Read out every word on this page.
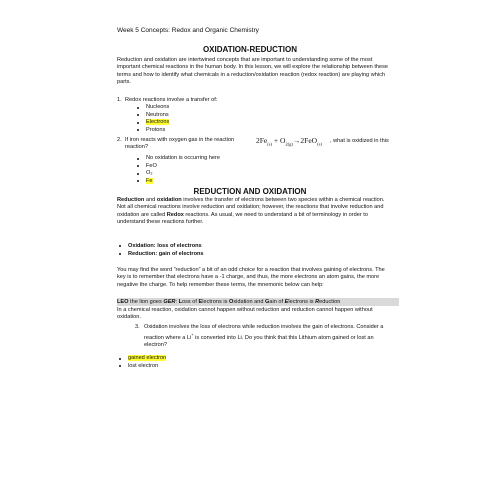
Week 5 Concepts: Redox and Organic Chemistry
OXIDATION-REDUCTION
Reduction and oxidation are intertwined concepts that are important to understanding some of the most important chemical reactions in the human body. In this lesson, we will explore the relationship between these terms and how to identify what chemicals in a reduction/oxidation reaction (redox reaction) are playing which parts.
1. Redox reactions involve a transfer of:
Nucleons
Neutrons
Electrons
Protons
2. If iron reacts with oxygen gas in the reaction
reaction?
$2Fe_{(s)} + O_{2(g)}\to 2FeO_{(s)}$ , what is oxidized in this
No oxidation is occurring here
FeO
O₂
Fe
REDUCTION AND OXIDATION
Reduction and oxidation involves the transfer of electrons between two species within a chemical reaction. Not all chemical reactions involve reduction and oxidation; however, the reactions that involve reduction and oxidation are called Redox reactions. As usual, we need to understand a bit of terminology in order to understand these reactions further.
Oxidation: loss of electrons
Reduction: gain of electrons
You may find the word “reduction” a bit of an odd choice for a reaction that involves gaining of electrons. The key is to remember that electrons have a -1 charge, and thus, the more electrons an atom gains, the more negative the charge. To help remember these terms, the mnemonic below can help:
LEO the lion goes GER: Loss of Electrons is Oxidation and Gain of Electrons is Reduction
In a chemical reaction, oxidation cannot happen without reduction and reduction cannot happen without oxidation.
3. Oxidation involves the loss of electrons while reduction involves the gain of electrons. Consider a reaction where a Li+ is converted into Li. Do you think that this Lithium atom gained or lost an electron?
gained electron
lost electron
